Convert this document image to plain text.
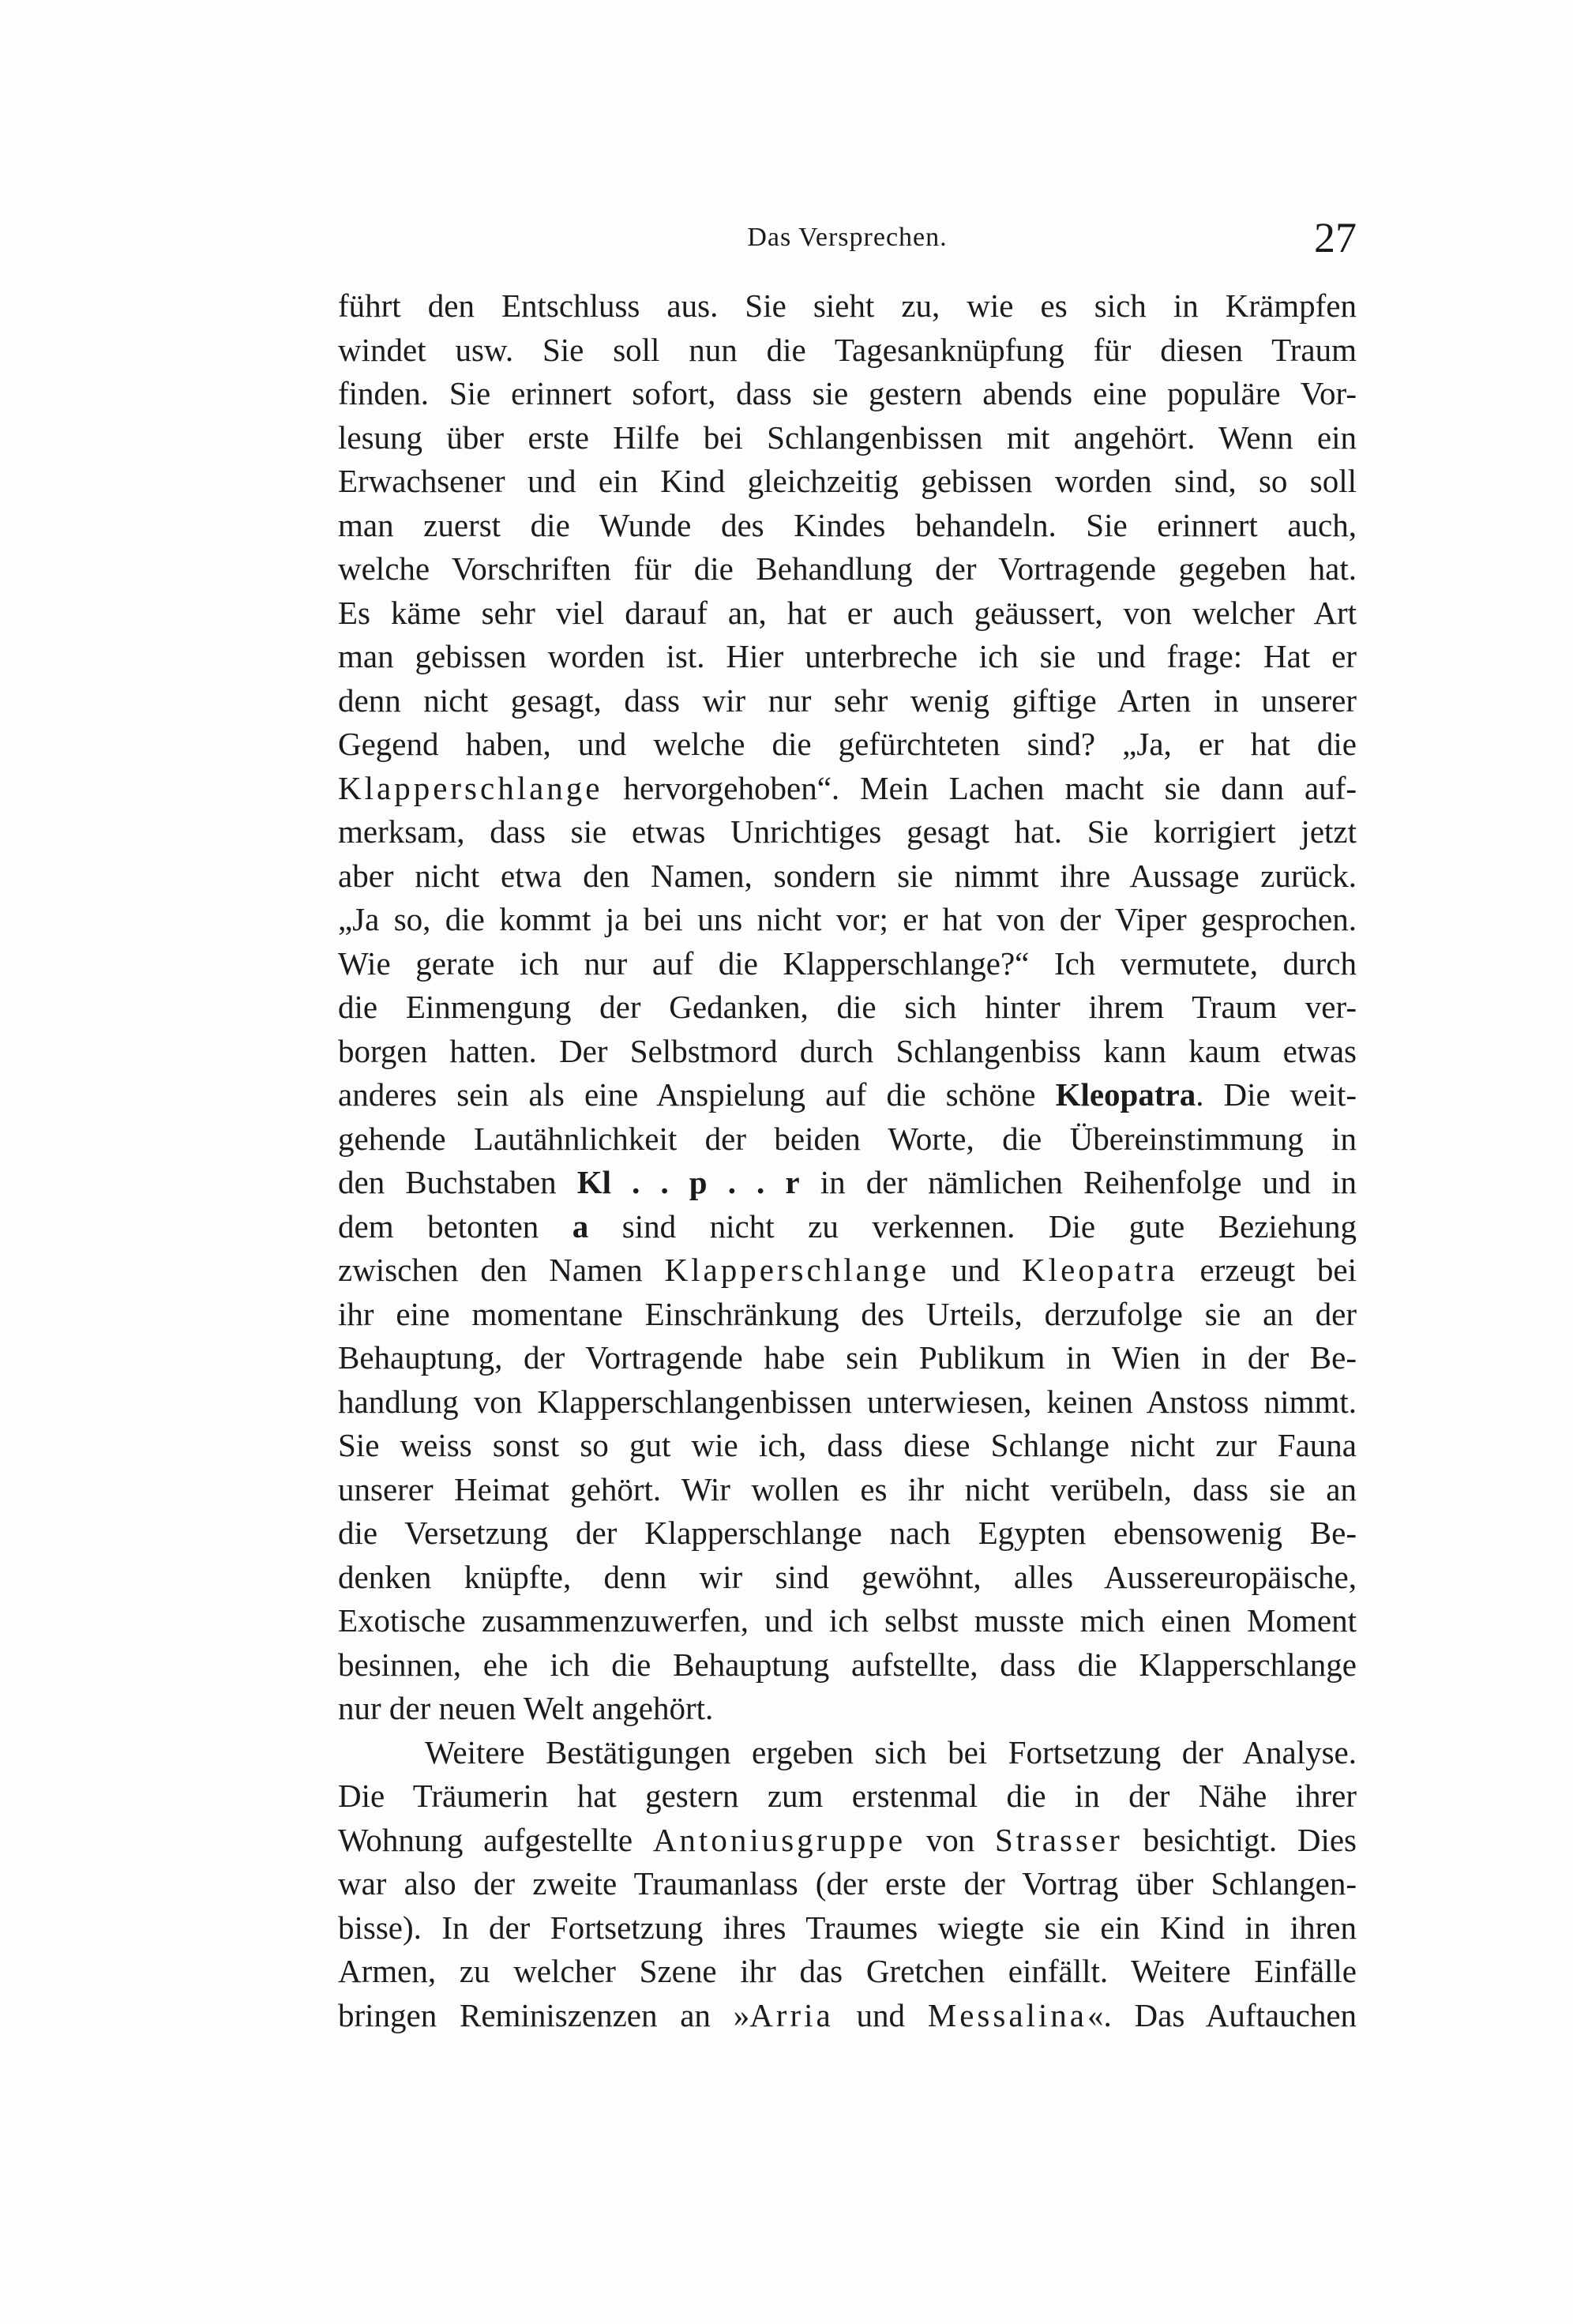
Das Versprechen.	27
führt den Entschluss aus. Sie sieht zu, wie es sich in Krämpfen
windet usw. Sie soll nun die Tagesanknüpfung für diesen Traum
finden. Sie erinnert sofort, dass sie gestern abends eine populäre Vor-
lesung über erste Hilfe bei Schlangenbissen mit angehört. Wenn ein
Erwachsener und ein Kind gleichzeitig gebissen worden sind, so soll
man zuerst die Wunde des Kindes behandeln. Sie erinnert auch,
welche Vorschriften für die Behandlung der Vortragende gegeben hat.
Es käme sehr viel darauf an, hat er auch geäussert, von welcher Art
man gebissen worden ist. Hier unterbreche ich sie und frage: Hat er
denn nicht gesagt, dass wir nur sehr wenig giftige Arten in unserer
Gegend haben, und welche die gefürchteten sind? „Ja, er hat die
Klapperschlange hervorgehoben“. Mein Lachen macht sie dann auf-
merksam, dass sie etwas Unrichtiges gesagt hat. Sie korrigiert jetzt
aber nicht etwa den Namen, sondern sie nimmt ihre Aussage zurück.
„Ja so, die kommt ja bei uns nicht vor; er hat von der Viper gesprochen.
Wie gerate ich nur auf die Klapperschlange?“ Ich vermutete, durch
die Einmengung der Gedanken, die sich hinter ihrem Traum ver-
borgen hatten. Der Selbstmord durch Schlangenbiss kann kaum etwas
anderes sein als eine Anspielung auf die schöne Kleopatra. Die weit-
gehende Lautähnlichkeit der beiden Worte, die Übereinstimmung in
den Buchstaben Kl . . p . . r in der nämlichen Reihenfolge und in
dem betonten a sind nicht zu verkennen. Die gute Beziehung
zwischen den Namen Klapperschlange und Kleopatra erzeugt bei
ihr eine momentane Einschränkung des Urteils, derzufolge sie an der
Behauptung, der Vortragende habe sein Publikum in Wien in der Be-
handlung von Klapperschlangenbissen unterwiesen, keinen Anstoss nimmt.
Sie weiss sonst so gut wie ich, dass diese Schlange nicht zur Fauna
unserer Heimat gehört. Wir wollen es ihr nicht verübeln, dass sie an
die Versetzung der Klapperschlange nach Egypten ebensowenig Be-
denken knüpfte, denn wir sind gewöhnt, alles Aussereuropäische,
Exotische zusammenzuwerfen, und ich selbst musste mich einen Moment
besinnen, ehe ich die Behauptung aufstellte, dass die Klapperschlange
nur der neuen Welt angehört.
Weitere Bestätigungen ergeben sich bei Fortsetzung der Analyse.
Die Träumerin hat gestern zum erstenmal die in der Nähe ihrer
Wohnung aufgestellte Antoniusgruppe von Strasser besichtigt. Dies
war also der zweite Traumanlass (der erste der Vortrag über Schlangen-
bisse). In der Fortsetzung ihres Traumes wiegte sie ein Kind in ihren
Armen, zu welcher Szene ihr das Gretchen einfällt. Weitere Einfälle
bringen Reminiszenzen an »Arria und Messalina«. Das Auftauchen
